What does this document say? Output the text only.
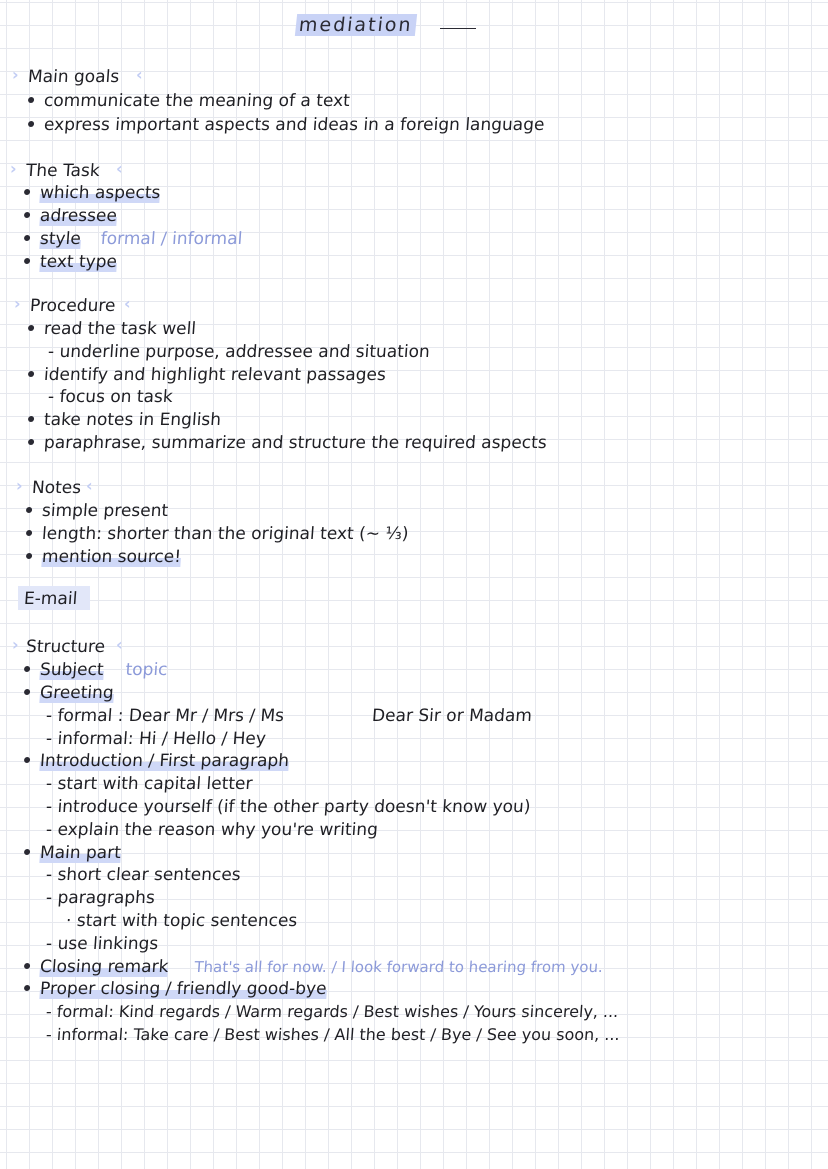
mediation
› Main goals ‹
communicate the meaning of a text
express important aspects and ideas in a foreign language
› The Task ‹
which aspects
adressee
style formal / informal
text type
› Procedure ‹
read the task well
- underline purpose, addressee and situation
identify and highlight relevant passages
- focus on task
take notes in English
paraphrase, summarize and structure the required aspects
› Notes ‹
simple present
length: shorter than the original text (~ ⅓)
mention source!
E-mail
› Structure ‹
Subject topic
Greeting
- formal : Dear Mr / Mrs / Ms	Dear Sir or Madam
- informal: Hi / Hello / Hey
Introduction / First paragraph
- start with capital letter
- introduce yourself (if the other party doesn't know you)
- explain the reason why you're writing
Main part
- short clear sentences
- paragraphs
· start with topic sentences
- use linkings
Closing remark That's all for now. / I look forward to hearing from you.
Proper closing / friendly good-bye
- formal: Kind regards / Warm regards / Best wishes / Yours sincerely, ...
- informal: Take care / Best wishes / All the best / Bye / See you soon, ...
